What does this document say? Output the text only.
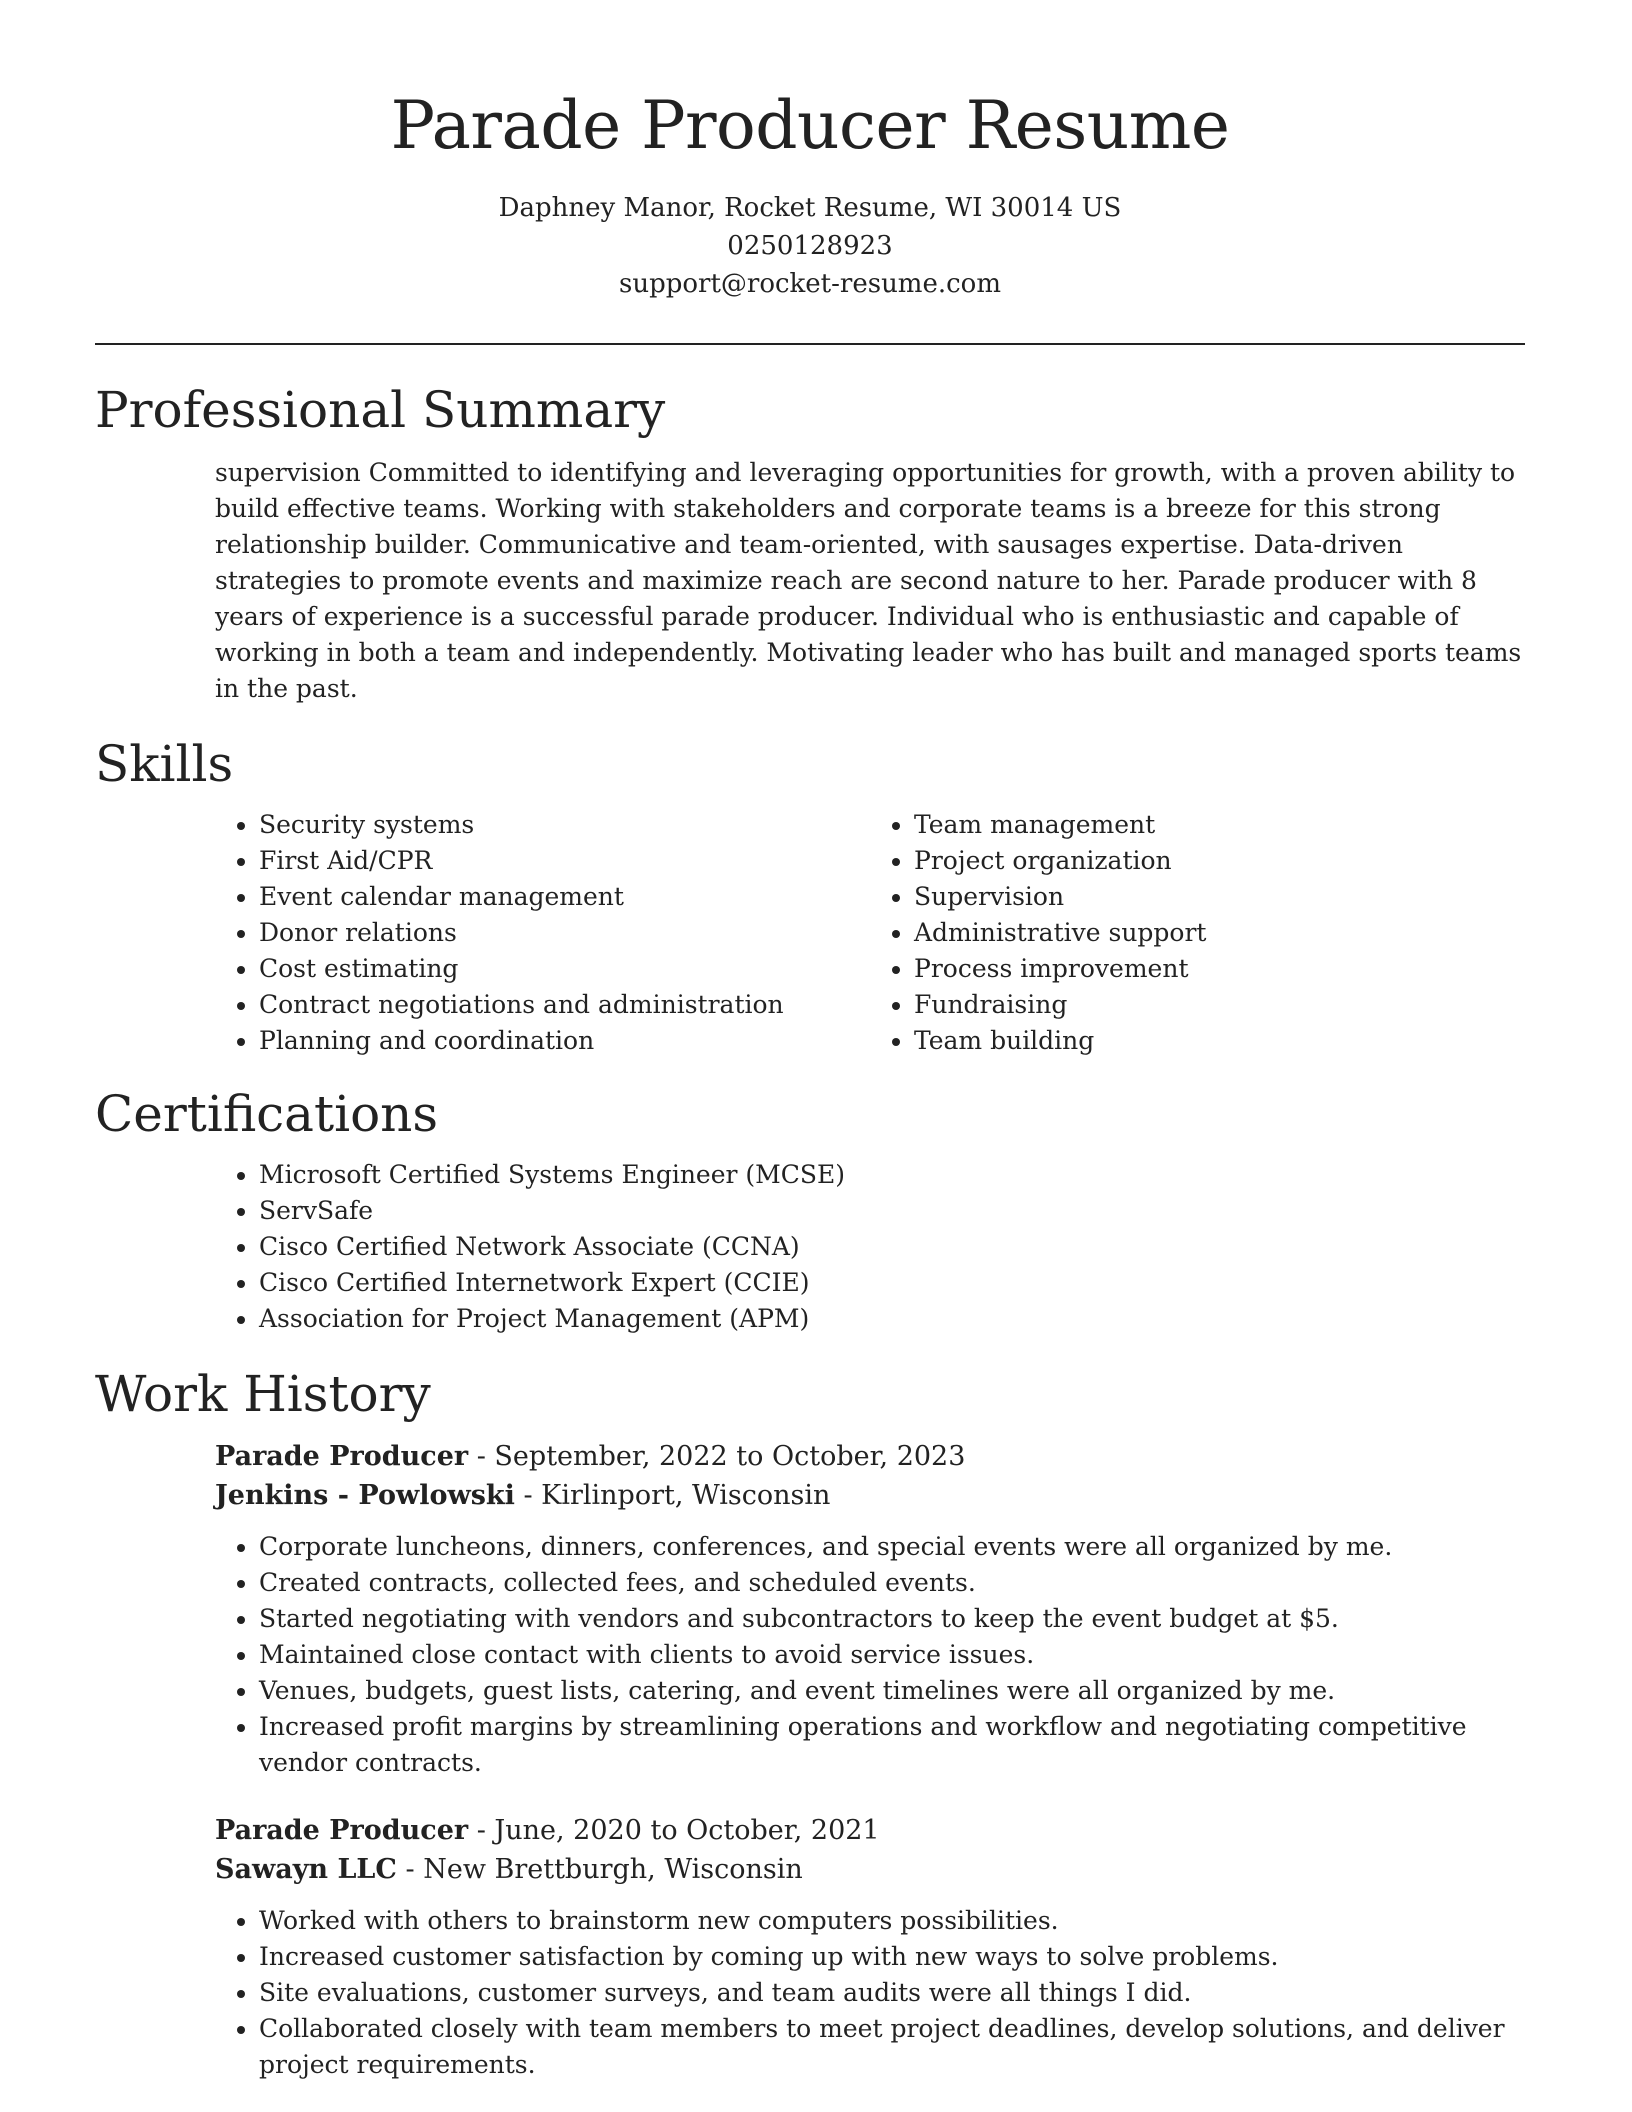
Parade Producer Resume
Daphney Manor, Rocket Resume, WI 30014 US
0250128923
support@rocket-resume.com
Professional Summary

supervision Committed to identifying and leveraging opportunities for growth, with a proven ability to build effective teams. Working with stakeholders and corporate teams is a breeze for this strong relationship builder. Communicative and team-oriented, with sausages expertise. Data-driven strategies to promote events and maximize reach are second nature to her. Parade producer with 8 years of experience is a successful parade producer. Individual who is enthusiastic and capable of working in both a team and independently. Motivating leader who has built and managed sports teams in the past.

Skills
• Security systems
• First Aid/CPR
• Event calendar management
• Donor relations
• Cost estimating
• Contract negotiations and administration
• Planning and coordination
• Team management
• Project organization
• Supervision
• Administrative support
• Process improvement
• Fundraising
• Team building
Certifications
• Microsoft Certified Systems Engineer (MCSE)
• ServSafe
• Cisco Certified Network Associate (CCNA)
• Cisco Certified Internetwork Expert (CCIE)
• Association for Project Management (APM)
Work History
Parade Producer - September, 2022 to October, 2023
Jenkins - Powlowski - Kirlinport, Wisconsin
• Corporate luncheons, dinners, conferences, and special events were all organized by me.
• Created contracts, collected fees, and scheduled events.
• Started negotiating with vendors and subcontractors to keep the event budget at $5.
• Maintained close contact with clients to avoid service issues.
• Venues, budgets, guest lists, catering, and event timelines were all organized by me.
• Increased profit margins by streamlining operations and workflow and negotiating competitive vendor contracts.
Parade Producer - June, 2020 to October, 2021
Sawayn LLC - New Brettburgh, Wisconsin
• Worked with others to brainstorm new computers possibilities.
• Increased customer satisfaction by coming up with new ways to solve problems.
• Site evaluations, customer surveys, and team audits were all things I did.
• Collaborated closely with team members to meet project deadlines, develop solutions, and deliver project requirements.
